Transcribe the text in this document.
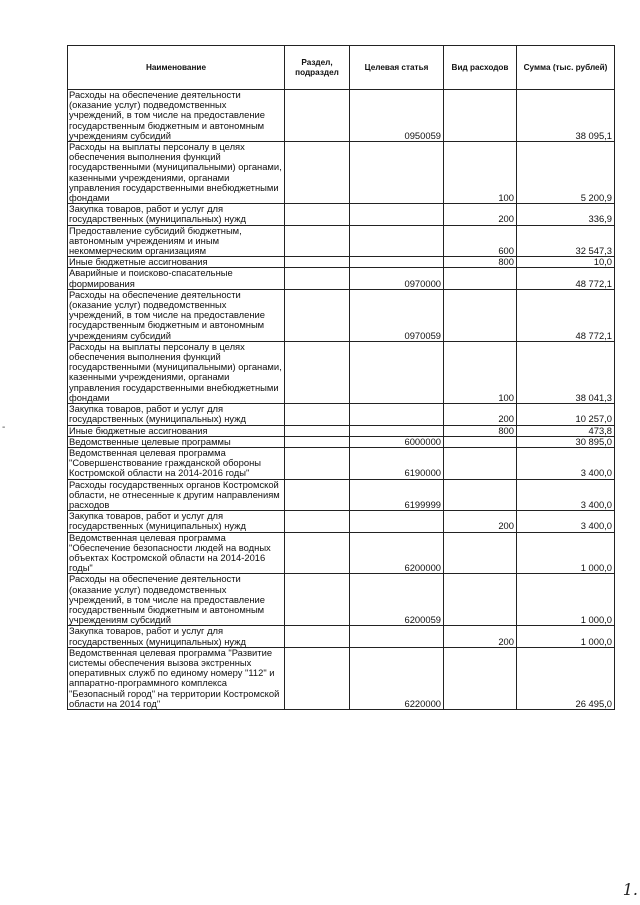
Наименование	Раздел, подраздел	Целевая статья	Вид расходов	Сумма (тыс. рублей)
Расходы на обеспечение деятельности (оказание услуг) подведомственных учреждений, в том числе на предоставление государственным бюджетным и автономным учреждениям субсидий		0950059		38 095,1
Расходы на выплаты персоналу в целях обеспечения выполнения функций государственными (муниципальными) органами, казенными учреждениями, органами управления государственными внебюджетными фондами			100	5 200,9
Закупка товаров, работ и услуг для государственных (муниципальных) нужд			200	336,9
Предоставление субсидий бюджетным, автономным учреждениям и иным некоммерческим организациям			600	32 547,3
Иные бюджетные ассигнования			800	10,0
Аварийные и поисково-спасательные формирования		0970000		48 772,1
Расходы на обеспечение деятельности (оказание услуг) подведомственных учреждений, в том числе на предоставление государственным бюджетным и автономным учреждениям субсидий		0970059		48 772,1
Расходы на выплаты персоналу в целях обеспечения выполнения функций государственными (муниципальными) органами, казенными учреждениями, органами управления государственными внебюджетными фондами			100	38 041,3
Закупка товаров, работ и услуг для государственных (муниципальных) нужд			200	10 257,0
Иные бюджетные ассигнования			800	473,8
Ведомственные целевые программы		6000000		30 895,0
Ведомственная целевая программа "Совершенствование гражданской обороны Костромской области на 2014-2016 годы"		6190000		3 400,0
Расходы государственных органов Костромской области, не отнесенные к другим направлениям расходов		6199999		3 400,0
Закупка товаров, работ и услуг для государственных (муниципальных) нужд			200	3 400,0
Ведомственная целевая программа "Обеспечение безопасности людей на водных объектах Костромской области на 2014-2016 годы"		6200000		1 000,0
Расходы на обеспечение деятельности (оказание услуг) подведомственных учреждений, в том числе на предоставление государственным бюджетным и автономным учреждениям субсидий		6200059		1 000,0
Закупка товаров, работ и услуг для государственных (муниципальных) нужд			200	1 000,0
Ведомственная целевая программа "Развитие системы обеспечения вызова экстренных оперативных служб по единому номеру "112" и аппаратно-программного комплекса "Безопасный город" на территории Костромской области на 2014 год"		6220000		26 495,0
-
1.
